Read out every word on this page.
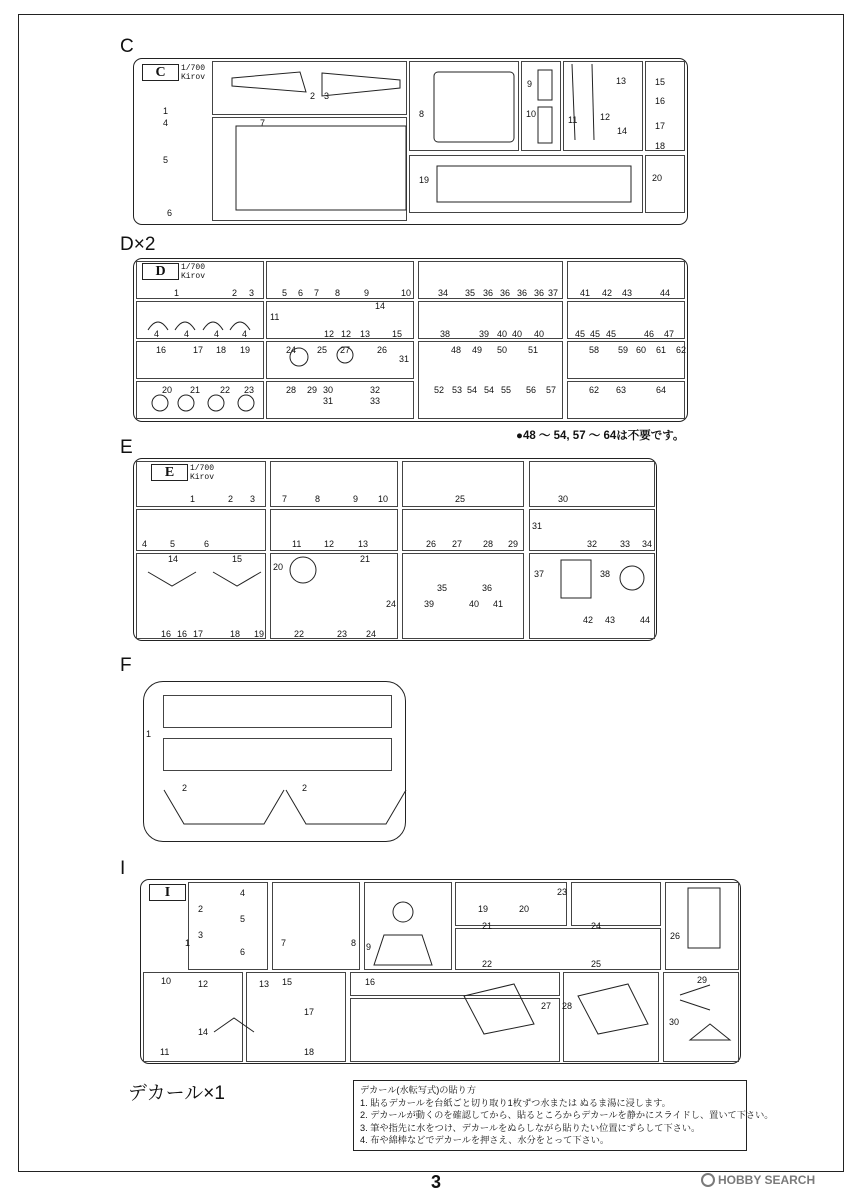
C
C	1/700
Kirov
1
2 3
4
5
6
7
8
9
10
11	12
13
14
15
16
17
18
19	20
D×2
D	1/700
Kirov
1	2 3
4	4	4	4
5 6 7 8	9	10
11
12 12 13
14
15
16	17 18 19
20 21 22 23
24 25	26
27
28 29 30
31
31
32
33
34 35 36 36 36 36 37
38	39	40 40
40
41 42 43	44
45 45 45	46 47
48 49 50 51
52 53 54 54 55 56 57
58 59 60 61 62
62 63	64
●48 ～ 54, 57 ～ 64は不要です。
E
E	1/700
Kirov
1	2 3
4	5	6
7	8	9 10
11	12	13
14	15
16 16 17	18 19
20
21
22	23 24
24
25
26 27 28 29
30
31
32	33 34
35	36
37	38
39	40 41
42 43	44
F
1
2	2
I
I
1
2
3
4
5
6
7	8 9
10
11
12	13
14
15	16
17
18
19	20
21
22
23
24
25
26
27 28
29
30
デカール×1	デカール(水転写式)の貼り方
1. 貼るデカールを台紙ごと切り取り1枚ずつ水または ぬるま湯に浸します。
2. デカールが動くのを確認してから、貼るところからデカールを静かにスライドし、置いて下さい。
3. 筆や指先に水をつけ、デカールをぬらしながら貼りたい位置にずらして下さい。
4. 布や綿棒などでデカールを押さえ、水分をとって下さい。
3	HOBBY SEARCH
